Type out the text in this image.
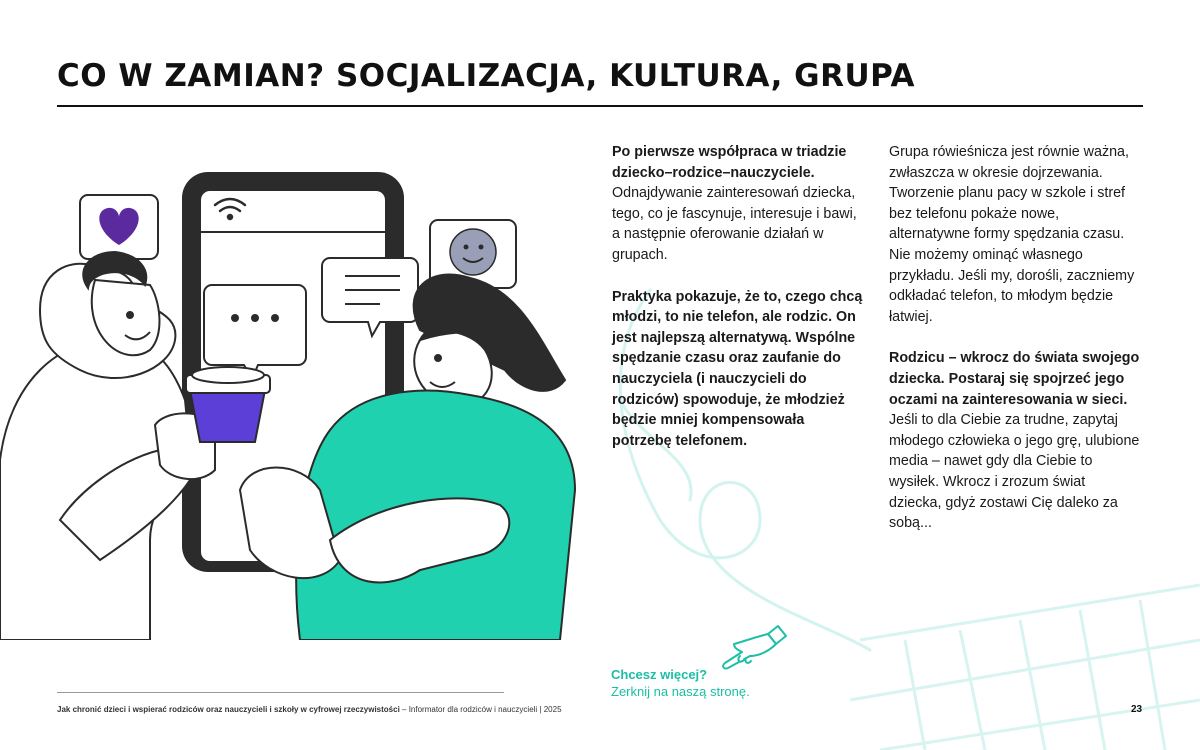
CO W ZAMIAN? SOCJALIZACJA, KULTURA, GRUPA

Po pierwsze współpraca w triadzie dziecko–rodzice–nauczyciele. Odnajdywanie zainteresowań dziecka, tego, co je fascynuje, interesuje i bawi, a następnie oferowanie działań w grupach.

Praktyka pokazuje, że to, czego chcą młodzi, to nie telefon, ale rodzic. On jest najlepszą alternatywą. Wspólne spędzanie czasu oraz zaufanie do nauczyciela (i nauczycieli do rodziców) spowoduje, że młodzież będzie mniej kompensowała potrzebę telefonem.

Grupa rówieśnicza jest równie ważna, zwłaszcza w okresie dojrzewania. Tworzenie planu pacy w szkole i stref bez telefonu pokaże nowe, alternatywne formy spędzania czasu. Nie możemy ominąć własnego przykładu. Jeśli my, dorośli, zaczniemy odkładać telefon, to młodym będzie łatwiej.

Rodzicu – wkrocz do świata swojego dziecka. Postaraj się spojrzeć jego oczami na zainteresowania w sieci. Jeśli to dla Ciebie za trudne, zapytaj młodego człowieka o jego grę, ulubione media – nawet gdy dla Ciebie to wysiłek. Wkrocz i zrozum świat dziecka, gdyż zostawi Cię daleko za sobą...

Chcesz więcej?
Zerknij na naszą stronę.
Jak chronić dzieci i wspierać rodziców oraz nauczycieli i szkoły w cyfrowej rzeczywistości – Informator dla rodziców i nauczycieli | 2025	23
